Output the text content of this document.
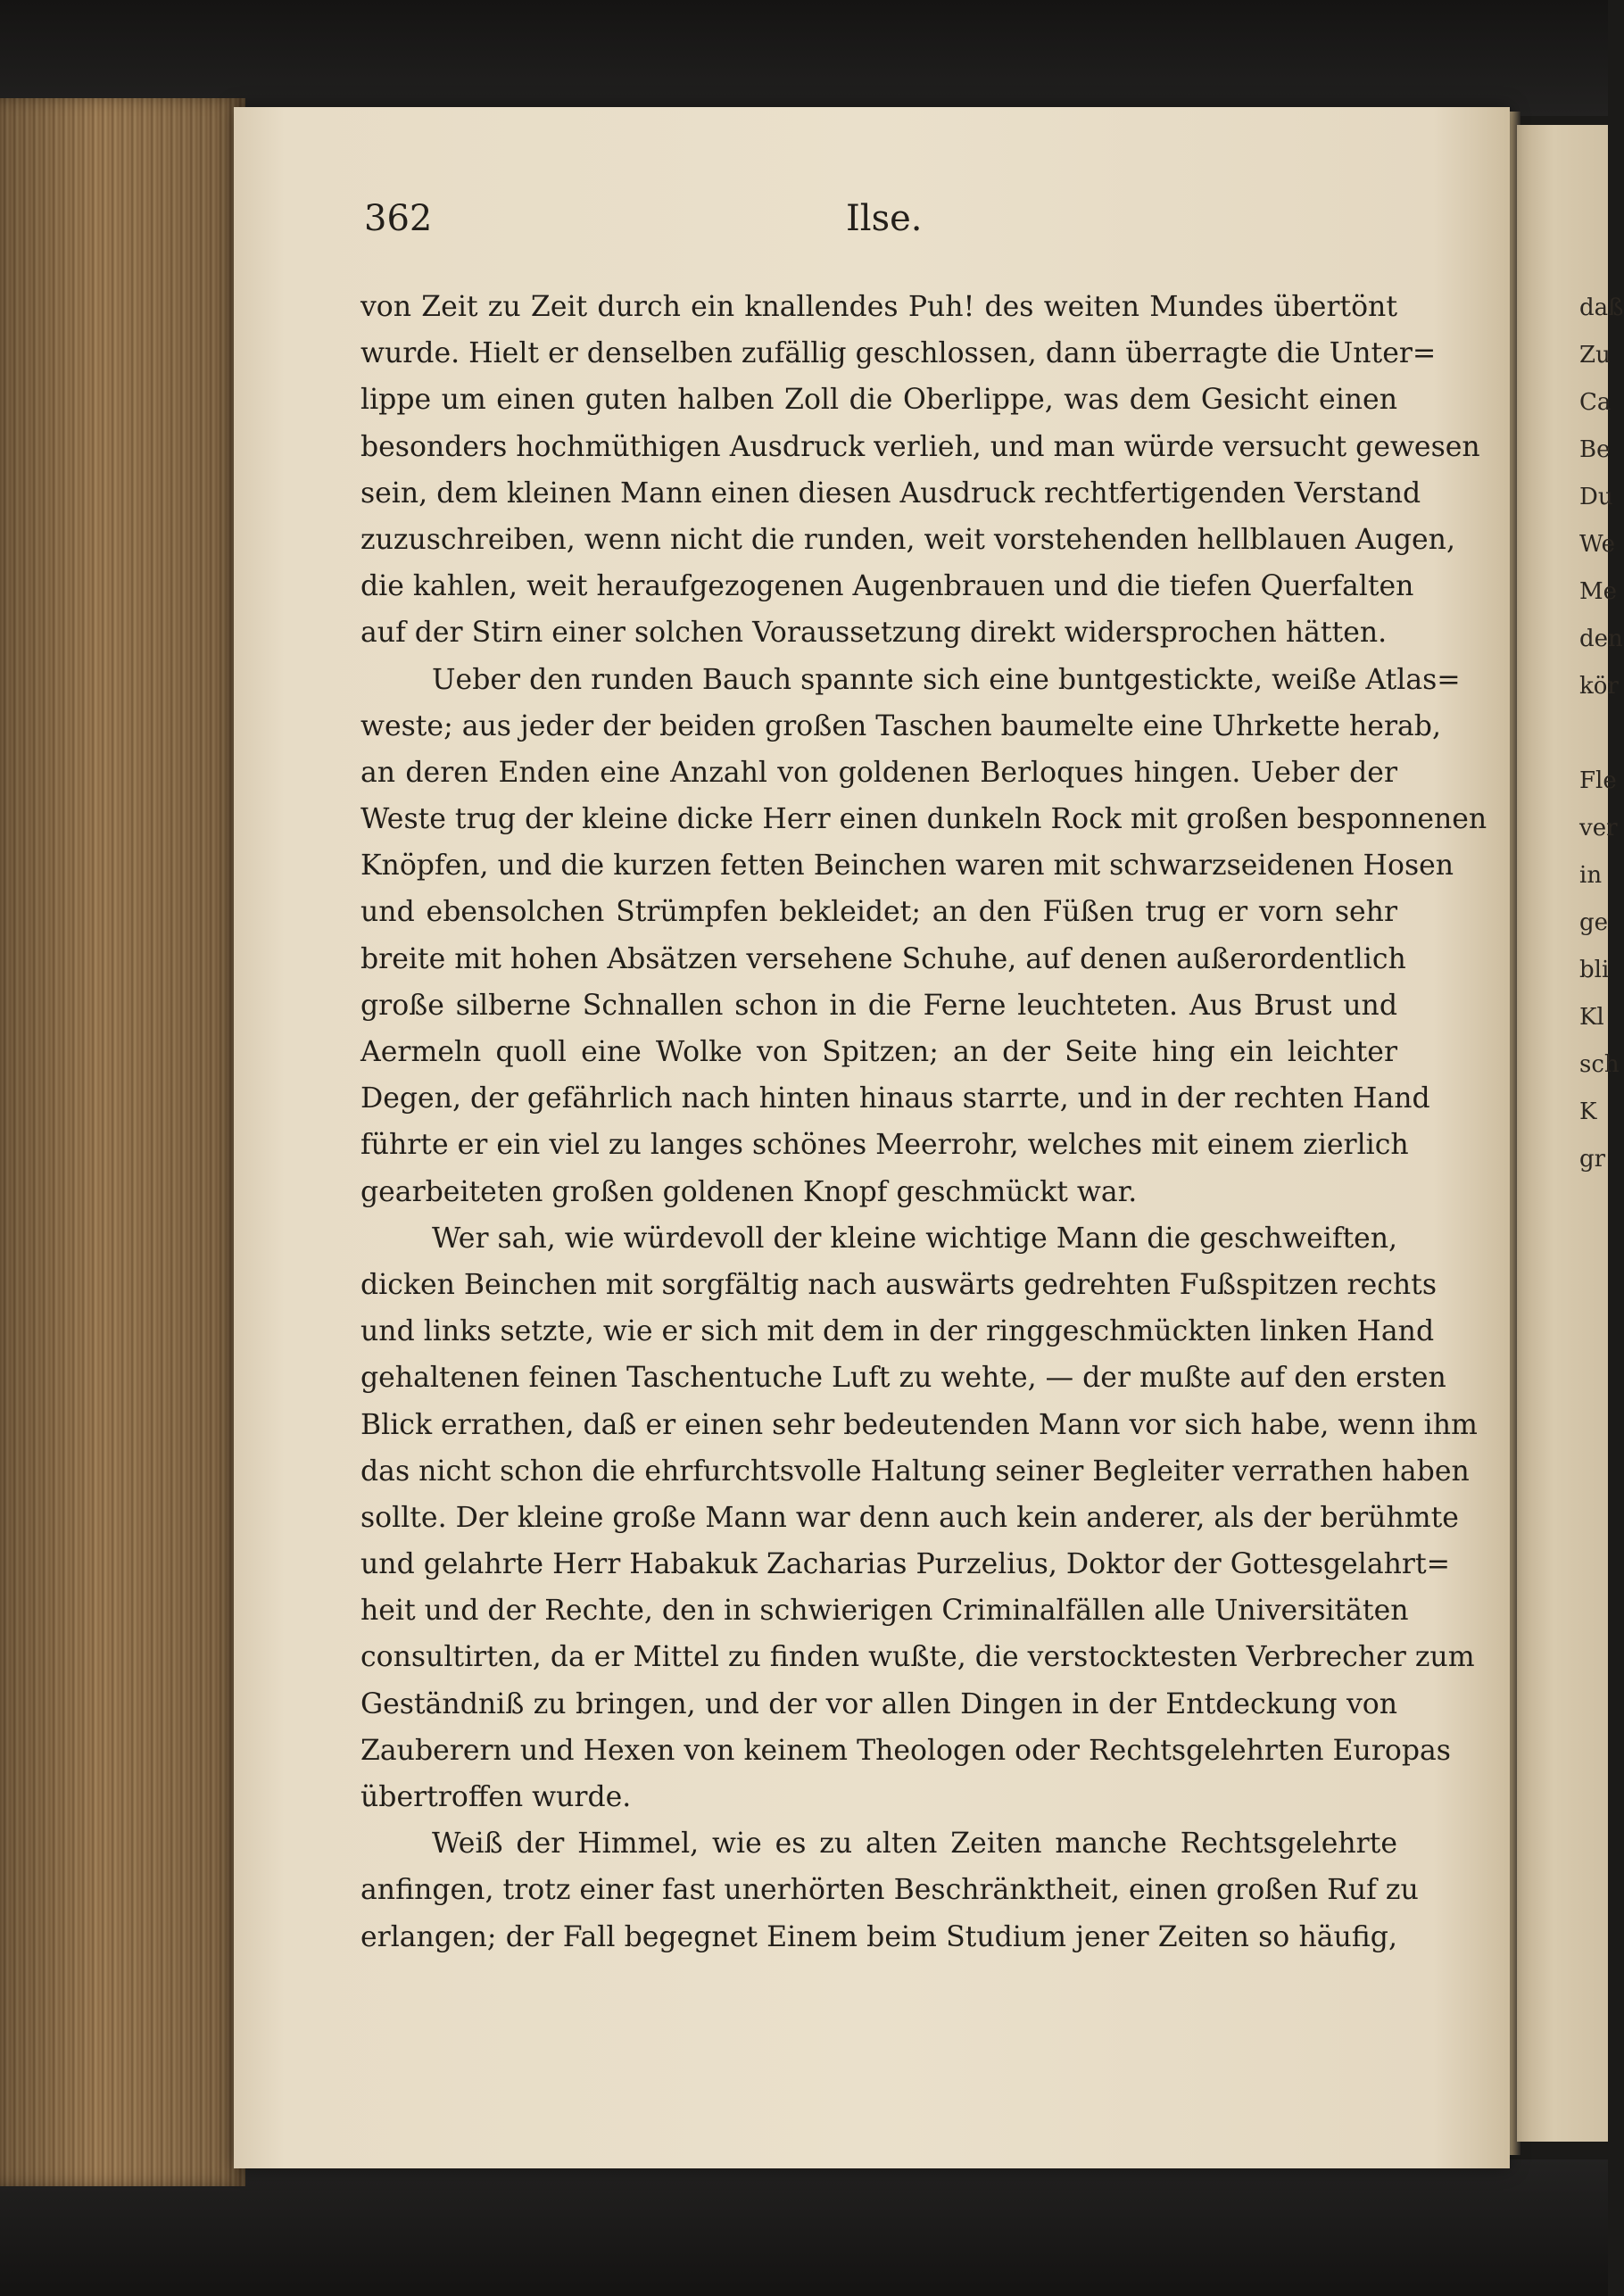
daß
Zu
Ca
Be
Du
We
Me
den
kör
Fle
ver
in
ge
bli
Kl
sch
K
gr
362	Ilse.
von Zeit zu Zeit durch ein knallendes Puh! des weiten Mundes übertönt
wurde. Hielt er denselben zufällig geschlossen, dann überragte die Unter=
lippe um einen guten halben Zoll die Oberlippe, was dem Gesicht einen
besonders hochmüthigen Ausdruck verlieh, und man würde versucht gewesen
sein, dem kleinen Mann einen diesen Ausdruck rechtfertigenden Verstand
zuzuschreiben, wenn nicht die runden, weit vorstehenden hellblauen Augen,
die kahlen, weit heraufgezogenen Augenbrauen und die tiefen Querfalten
auf der Stirn einer solchen Voraussetzung direkt widersprochen hätten.
Ueber den runden Bauch spannte sich eine buntgestickte, weiße Atlas=
weste; aus jeder der beiden großen Taschen baumelte eine Uhrkette herab,
an deren Enden eine Anzahl von goldenen Berloques hingen. Ueber der
Weste trug der kleine dicke Herr einen dunkeln Rock mit großen besponnenen
Knöpfen, und die kurzen fetten Beinchen waren mit schwarzseidenen Hosen
und ebensolchen Strümpfen bekleidet; an den Füßen trug er vorn sehr
breite mit hohen Absätzen versehene Schuhe, auf denen außerordentlich
große silberne Schnallen schon in die Ferne leuchteten. Aus Brust und
Aermeln quoll eine Wolke von Spitzen; an der Seite hing ein leichter
Degen, der gefährlich nach hinten hinaus starrte, und in der rechten Hand
führte er ein viel zu langes schönes Meerrohr, welches mit einem zierlich
gearbeiteten großen goldenen Knopf geschmückt war.
Wer sah, wie würdevoll der kleine wichtige Mann die geschweiften,
dicken Beinchen mit sorgfältig nach auswärts gedrehten Fußspitzen rechts
und links setzte, wie er sich mit dem in der ringgeschmückten linken Hand
gehaltenen feinen Taschentuche Luft zu wehte, — der mußte auf den ersten
Blick errathen, daß er einen sehr bedeutenden Mann vor sich habe, wenn ihm
das nicht schon die ehrfurchtsvolle Haltung seiner Begleiter verrathen haben
sollte. Der kleine große Mann war denn auch kein anderer, als der berühmte
und gelahrte Herr Habakuk Zacharias Purzelius, Doktor der Gottesgelahrt=
heit und der Rechte, den in schwierigen Criminalfällen alle Universitäten
consultirten, da er Mittel zu finden wußte, die verstocktesten Verbrecher zum
Geständniß zu bringen, und der vor allen Dingen in der Entdeckung von
Zauberern und Hexen von keinem Theologen oder Rechtsgelehrten Europas
übertroffen wurde.
Weiß der Himmel, wie es zu alten Zeiten manche Rechtsgelehrte
anfingen, trotz einer fast unerhörten Beschränktheit, einen großen Ruf zu
erlangen; der Fall begegnet Einem beim Studium jener Zeiten so häufig,
